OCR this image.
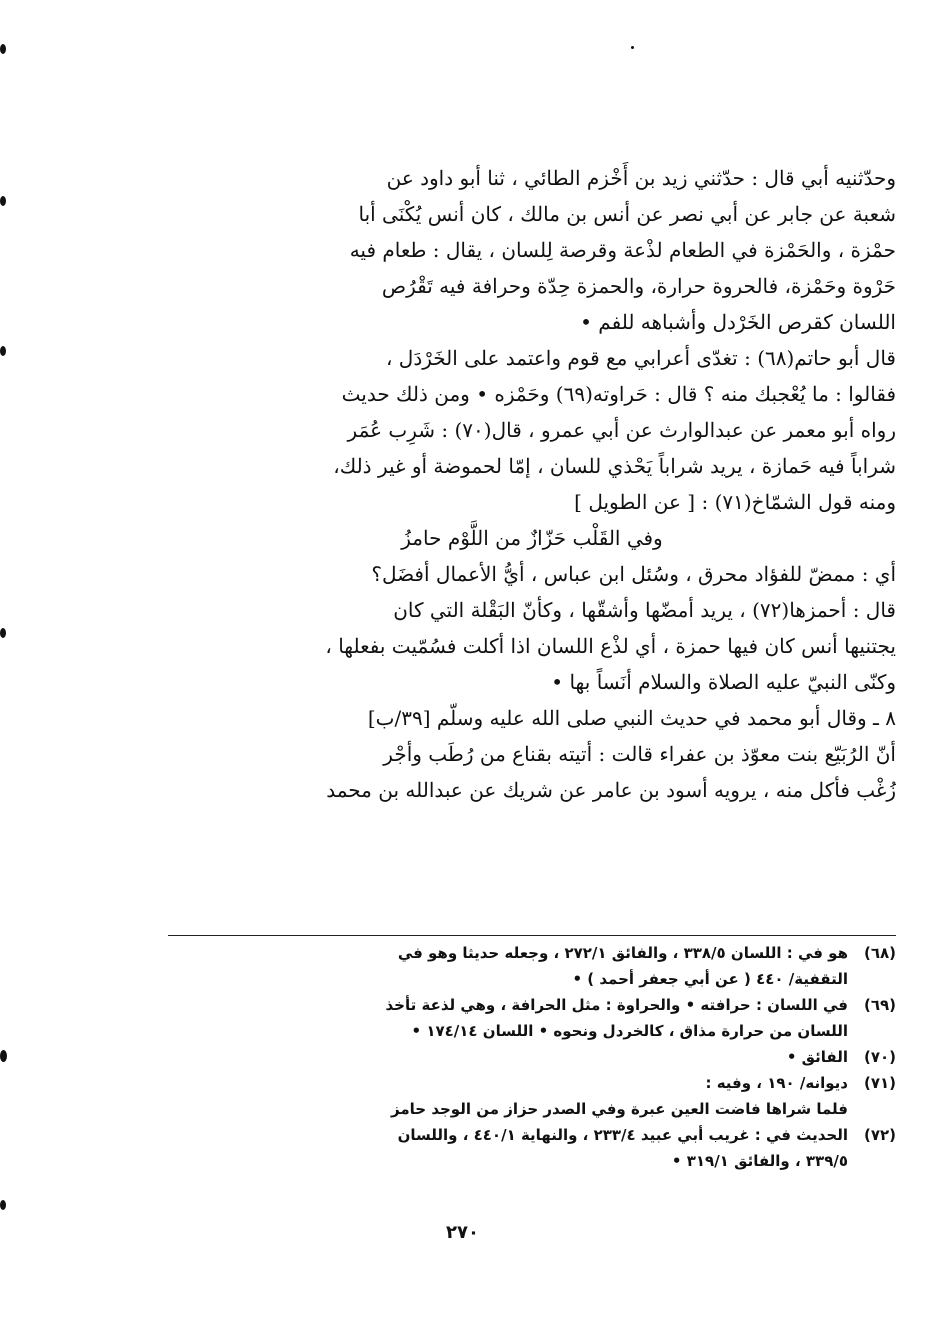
وحدّثنيه أبي قال : حدّثني زيد بن أَخْزم الطائي ، ثنا أبو داود عن
شعبة عن جابر عن أبي نصر عن أنس بن مالك ، كان أنس يُكْنَى أبا
حمْزة ، والحَمْزة في الطعام لذْعة وقرصة لِلسان ، يقال : طعام فيه
حَرْوة وحَمْزة، فالحروة حرارة، والحمزة حِدّة وحرافة فيه تَقْرُص
اللسان كقرص الخَرْدل وأشباهه للفم •
قال أبو حاتم(٦٨) : تغدّى أعرابي مع قوم واعتمد على الخَرْدَل ،
فقالوا : ما يُعْجبك منه ؟ قال : حَراوته(٦٩) وحَمْزه • ومن ذلك حديث
رواه أبو معمر عن عبدالوارث عن أبي عمرو ، قال(٧٠) : شَرِب عُمَر
شراباً فيه حَمازة ، يريد شراباً يَحْذي للسان ، إمّا لحموضة أو غير ذلك،
ومنه قول الشمّاخ(٧١) : [ عن الطويل ]
وفي القَلْب حَزّازٌ من اللَّوْم حامزُ
أي : ممضّ للفؤاد محرق ، وسُئل ابن عباس ، أيُّ الأعمال أفضَل؟
قال : أحمزها(٧٢) ، يريد أمضّها وأشقّها ، وكأنّ البَقْلة التي كان
يجتنيها أنس كان فيها حمزة ، أي لذْع اللسان اذا أكلت فسُمّيت بفعلها ،
وكنّى النبيّ عليه الصلاة والسلام أنَساً بها •
٨ ـ وقال أبو محمد في حديث النبي صلى الله عليه وسلّم [٣٩/ب]
أنّ الرُبَيّع بنت معوّذ بن عفراء قالت : أتيته بقناع من رُطَب وأجْر
زُغْب فأكل منه ، يرويه أسود بن عامر عن شريك عن عبدالله بن محمد
(٦٨)
هو في : اللسان ٣٣٨/٥ ، والفائق ٢٧٢/١ ، وجعله حديثا وهو في
التقفية/ ٤٤٠ ( عن أبي جعفر أحمد ) •
(٦٩)
في اللسان : حرافته • والحراوة : مثل الحرافة ، وهي لذعة تأخذ
اللسان من حرارة مذاق ، كالخردل ونحوه • اللسان ١٧٤/١٤ •
(٧٠)
الفائق •
(٧١)
ديوانه/ ١٩٠ ، وفيه :
فلما شراها فاضت العين عبرة وفي الصدر حزاز من الوجد حامز
(٧٢)
الحديث في : غريب أبي عبيد ٢٣٣/٤ ، والنهاية ٤٤٠/١ ، واللسان
٣٣٩/٥ ، والفائق ٣١٩/١ •
٢٧٠
